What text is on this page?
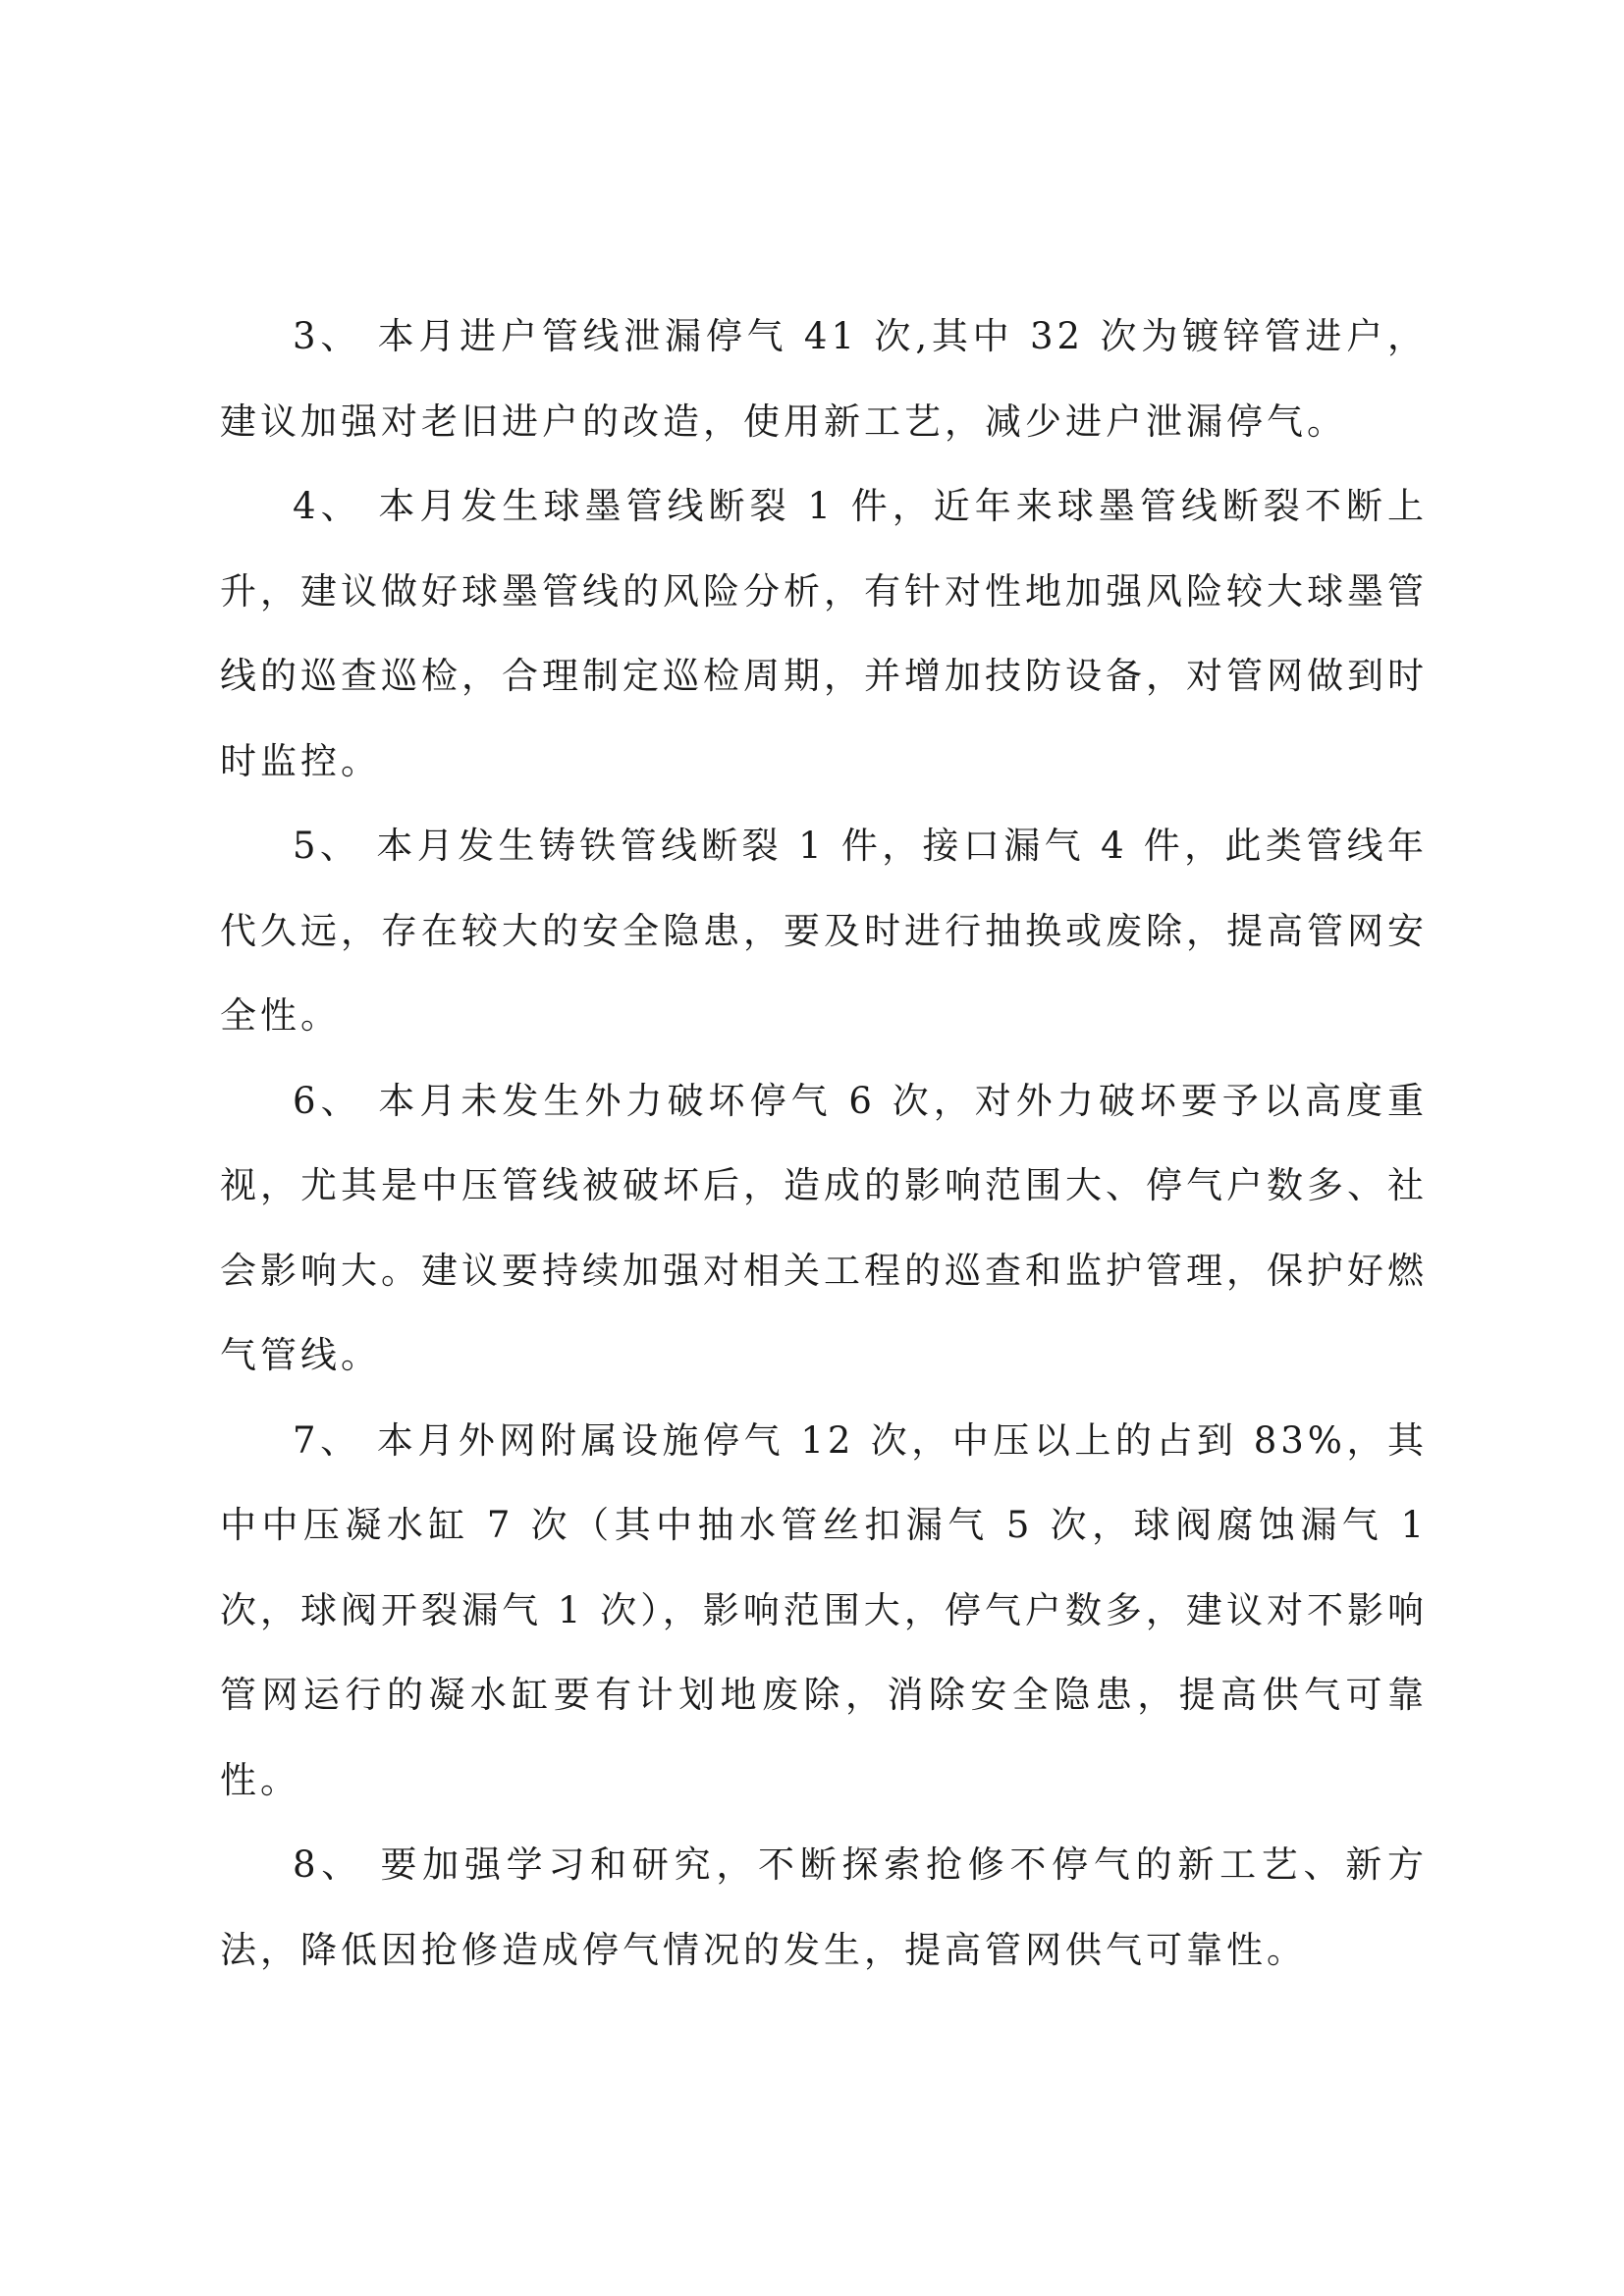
3、 本月进户管线泄漏停气 41 次,其中 32 次为镀锌管进户，建议加强对老旧进户的改造，使用新工艺，减少进户泄漏停气。

4、 本月发生球墨管线断裂 1 件，近年来球墨管线断裂不断上升，建议做好球墨管线的风险分析，有针对性地加强风险较大球墨管线的巡查巡检，合理制定巡检周期，并增加技防设备，对管网做到时时监控。

5、 本月发生铸铁管线断裂 1 件，接口漏气 4 件，此类管线年代久远，存在较大的安全隐患，要及时进行抽换或废除，提高管网安全性。

6、 本月未发生外力破坏停气 6 次，对外力破坏要予以高度重视，尤其是中压管线被破坏后，造成的影响范围大、停气户数多、社会影响大。建议要持续加强对相关工程的巡查和监护管理，保护好燃气管线。

7、 本月外网附属设施停气 12 次，中压以上的占到 83%，其中中压凝水缸 7 次（其中抽水管丝扣漏气 5 次，球阀腐蚀漏气 1 次，球阀开裂漏气 1 次），影响范围大，停气户数多，建议对不影响管网运行的凝水缸要有计划地废除，消除安全隐患，提高供气可靠性。

8、 要加强学习和研究，不断探索抢修不停气的新工艺、新方法，降低因抢修造成停气情况的发生，提高管网供气可靠性。
